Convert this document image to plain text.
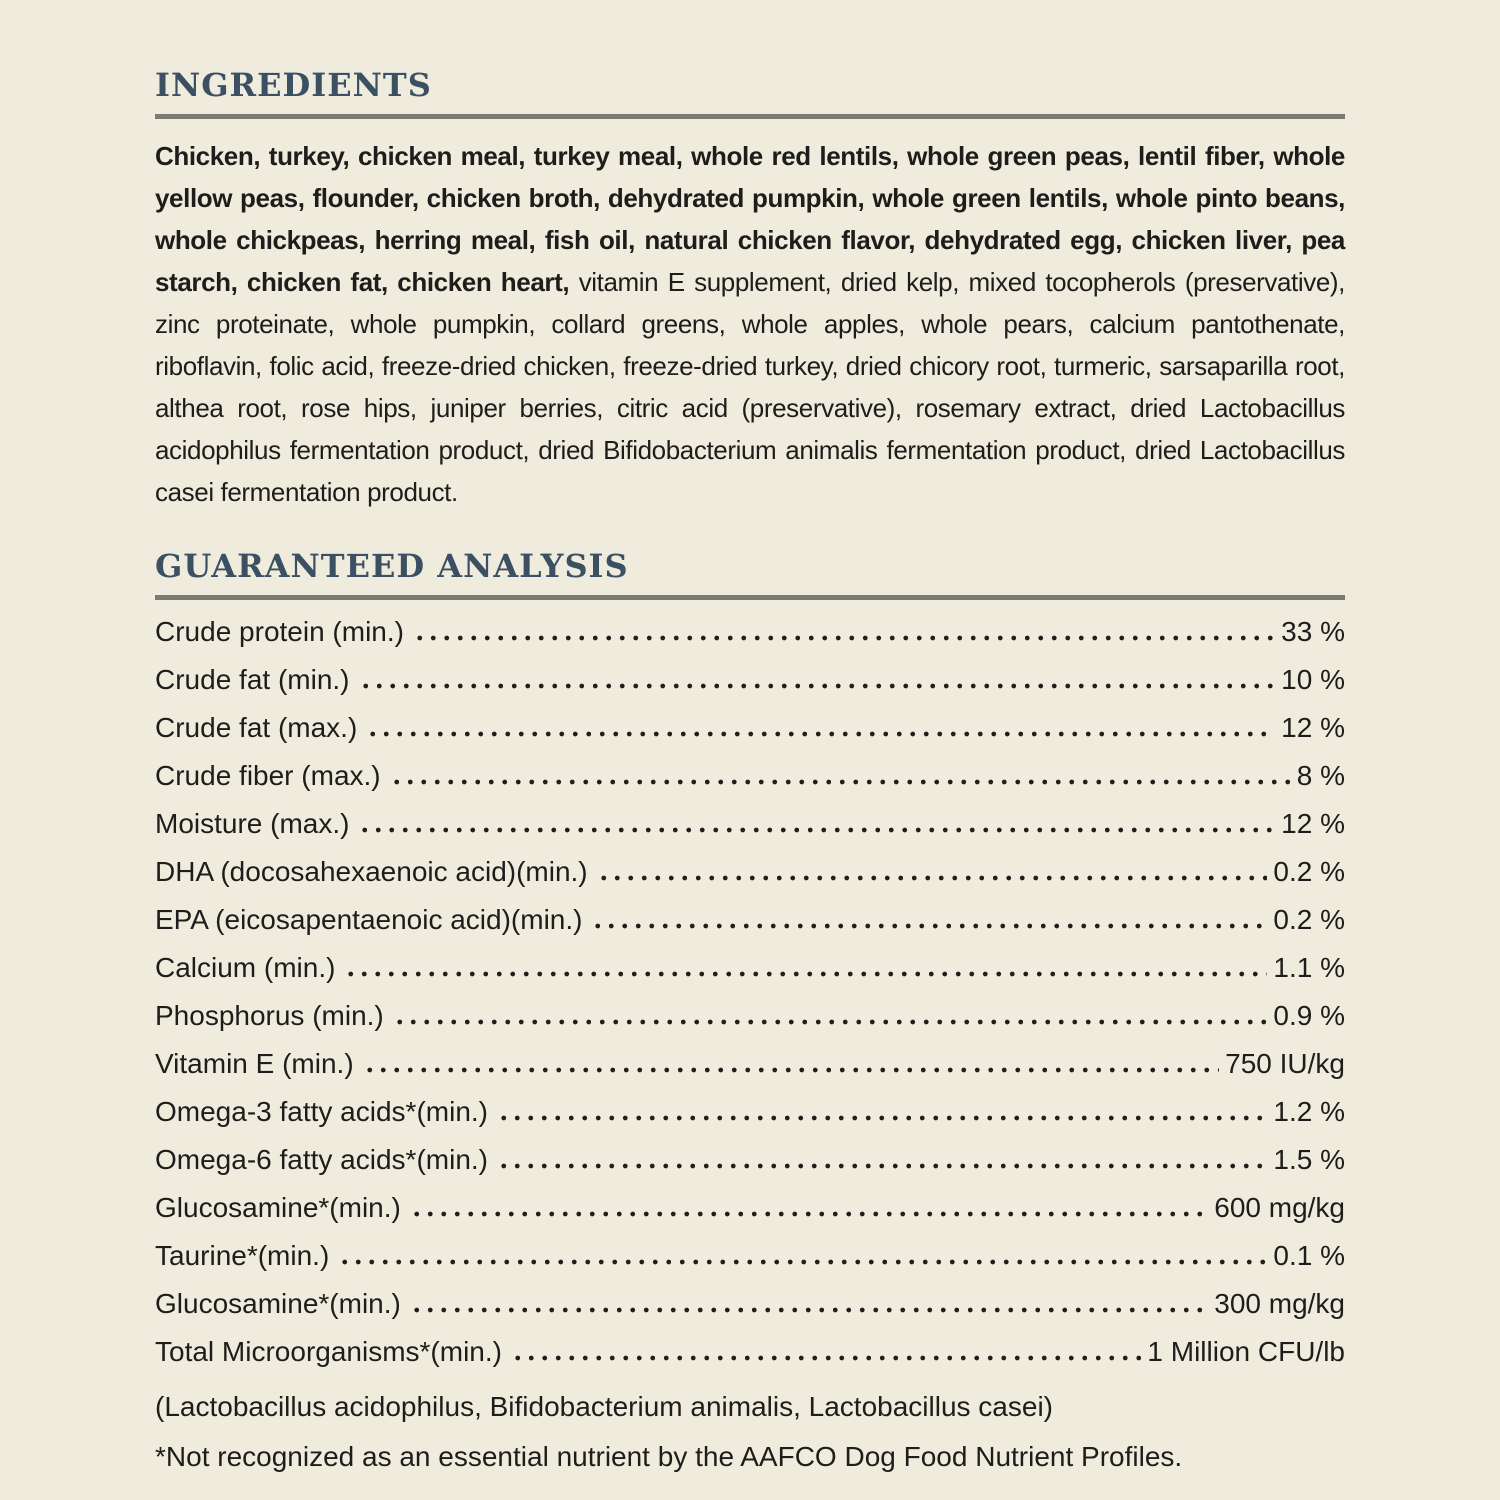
INGREDIENTS

Chicken, turkey, chicken meal, turkey meal, whole red lentils, whole green peas, lentil fiber, whole yellow peas, flounder, chicken broth, dehydrated pumpkin, whole green lentils, whole pinto beans, whole chickpeas, herring meal, fish oil, natural chicken flavor, dehydrated egg, chicken liver, pea starch, chicken fat, chicken heart, vitamin E supplement, dried kelp, mixed tocopherols (preservative), zinc proteinate, whole pumpkin, collard greens, whole apples, whole pears, calcium pantothenate, riboflavin, folic acid, freeze-dried chicken, freeze-dried turkey, dried chicory root, turmeric, sarsaparilla root, althea root, rose hips, juniper berries, citric acid (preservative), rosemary extract, dried Lactobacillus acidophilus fermentation product, dried Bifidobacterium animalis fermentation product, dried Lactobacillus casei fermentation product.

GUARANTEED ANALYSIS
Crude protein (min.)	33 %
Crude fat (min.)	10 %
Crude fat (max.)	12 %
Crude fiber (max.)	8 %
Moisture (max.)	12 %
DHA (docosahexaenoic acid)(min.)	0.2 %
EPA (eicosapentaenoic acid)(min.)	0.2 %
Calcium (min.)	1.1 %
Phosphorus (min.)	0.9 %
Vitamin E (min.)	750 IU/kg
Omega-3 fatty acids*(min.)	1.2 %
Omega-6 fatty acids*(min.)	1.5 %
Glucosamine*(min.)	600 mg/kg
Taurine*(min.)	0.1 %
Glucosamine*(min.)	300 mg/kg
Total Microorganisms*(min.)	1 Million CFU/lb
(Lactobacillus acidophilus, Bifidobacterium animalis, Lactobacillus casei)
*Not recognized as an essential nutrient by the AAFCO Dog Food Nutrient Profiles.
